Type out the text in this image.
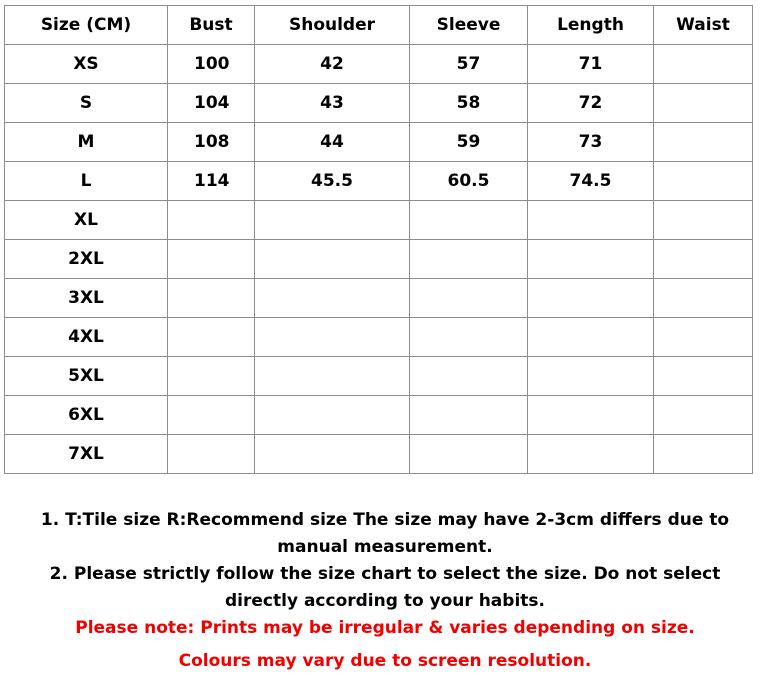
Size (CM)	Bust	Shoulder	Sleeve	Length	Waist
XS	100	42	57	71	
S	104	43	58	72	
M	108	44	59	73	
L	114	45.5	60.5	74.5	
XL					
2XL					
3XL					
4XL					
5XL					
6XL					
7XL					

1. T:Tile size R:Recommend size The size may have 2-3cm differs due to manual measurement.

2. Please strictly follow the size chart to select the size. Do not select directly according to your habits.

Please note: Prints may be irregular & varies depending on size.

Colours may vary due to screen resolution.
